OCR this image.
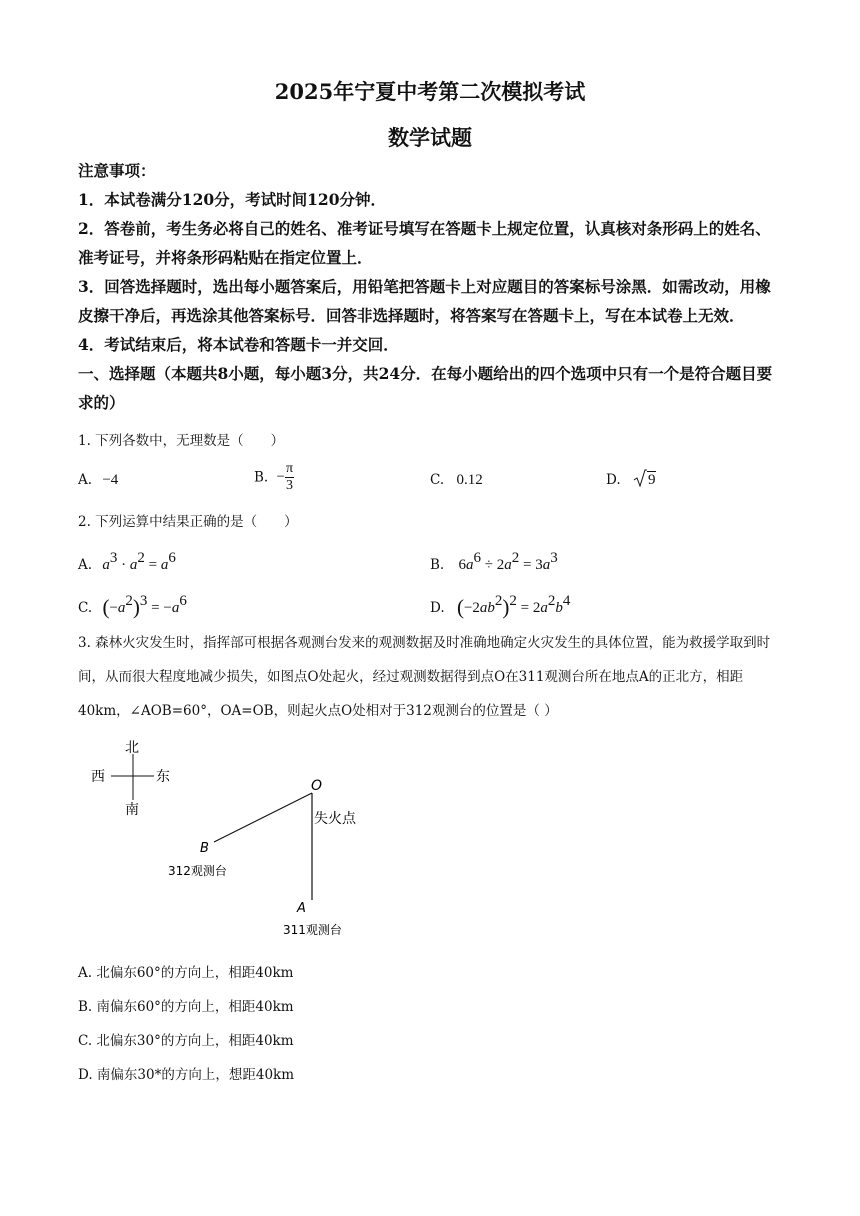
2025年宁夏中考第二次模拟考试
数学试题
注意事项：
1．本试卷满分120分，考试时间120分钟．
2．答卷前，考生务必将自己的姓名、准考证号填写在答题卡上规定位置，认真核对条形码上的姓名、准考证号，并将条形码粘贴在指定位置上．
3．回答选择题时，选出每小题答案后，用铅笔把答题卡上对应题目的答案标号涂黑．如需改动，用橡皮擦干净后，再选涂其他答案标号．回答非选择题时，将答案写在答题卡上，写在本试卷上无效．
4．考试结束后，将本试卷和答题卡一并交回．
一、选择题（本题共8小题，每小题3分，共24分．在每小题给出的四个选项中只有一个是符合题目要求的）
1. 下列各数中，无理数是（　　）
A. −4	B. − $\frac{\pi}{3}$	C. 0.12	D. 9
2. 下列运算中结果正确的是（　　）
A. $a^3 \cdot a^2 = a^6$	B. $6a^6 \div 2a^2 = 3a^3$
C. $(-a^2)^3 = -a^6$	D. $(-2ab^2)^2 = 2a^2b^4$
3. 森林火灾发生时，指挥部可根据各观测台发来的观测数据及时准确地确定火灾发生的具体位置，能为救援学取到时间，从而很大程度地减少损失，如图点O处起火，经过观测数据得到点O在311观测台所在地点A的正北方，相距40km，∠AOB=60°，OA=OB，则起火点O处相对于312观测台的位置是（ ）
北
南
西	东
O
B
A
失火点
312观测台
311观测台
A. 北偏东60°的方向上，相距40km
B. 南偏东60°的方向上，相距40km
C. 北偏东30°的方向上，相距40km
D. 南偏东30*的方向上，想距40km
